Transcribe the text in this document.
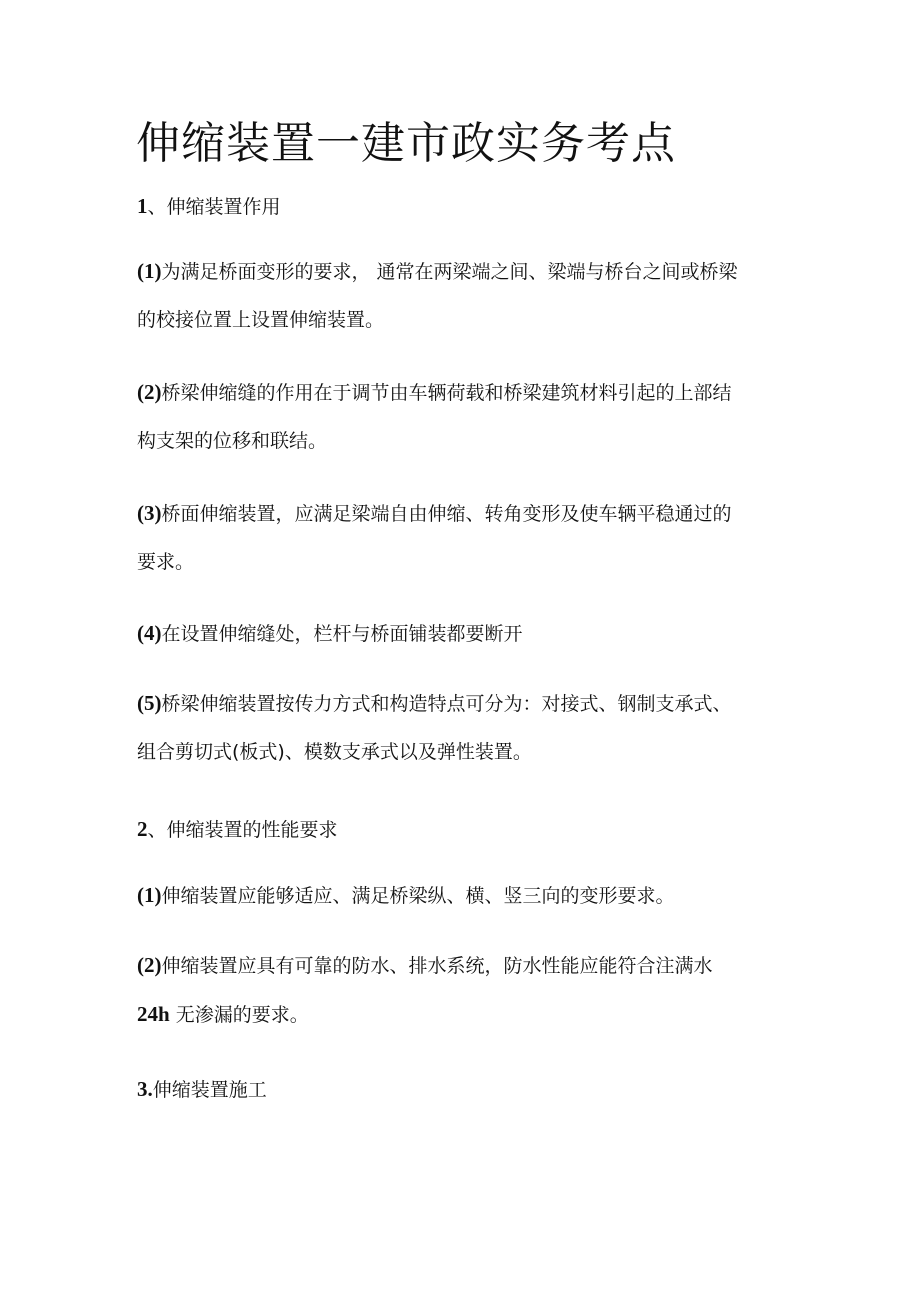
伸缩装置一建市政实务考点

1、伸缩装置作用

(1)为满足桥面变形的要求， 通常在两梁端之间、梁端与桥台之间或桥梁

的校接位置上设置伸缩装置。

(2)桥梁伸缩缝的作用在于调节由车辆荷载和桥梁建筑材料引起的上部结

构支架的位移和联结。

(3)桥面伸缩装置，应满足梁端自由伸缩、转角变形及使车辆平稳通过的

要求。

(4)在设置伸缩缝处，栏杆与桥面铺装都要断开

(5)桥梁伸缩装置按传力方式和构造特点可分为：对接式、钢制支承式、

组合剪切式(板式)、模数支承式以及弹性装置。

2、伸缩装置的性能要求

(1)伸缩装置应能够适应、满足桥梁纵、横、竖三向的变形要求。

(2)伸缩装置应具有可靠的防水、排水系统，防水性能应能符合注满水

24h 无渗漏的要求。

3.伸缩装置施工
